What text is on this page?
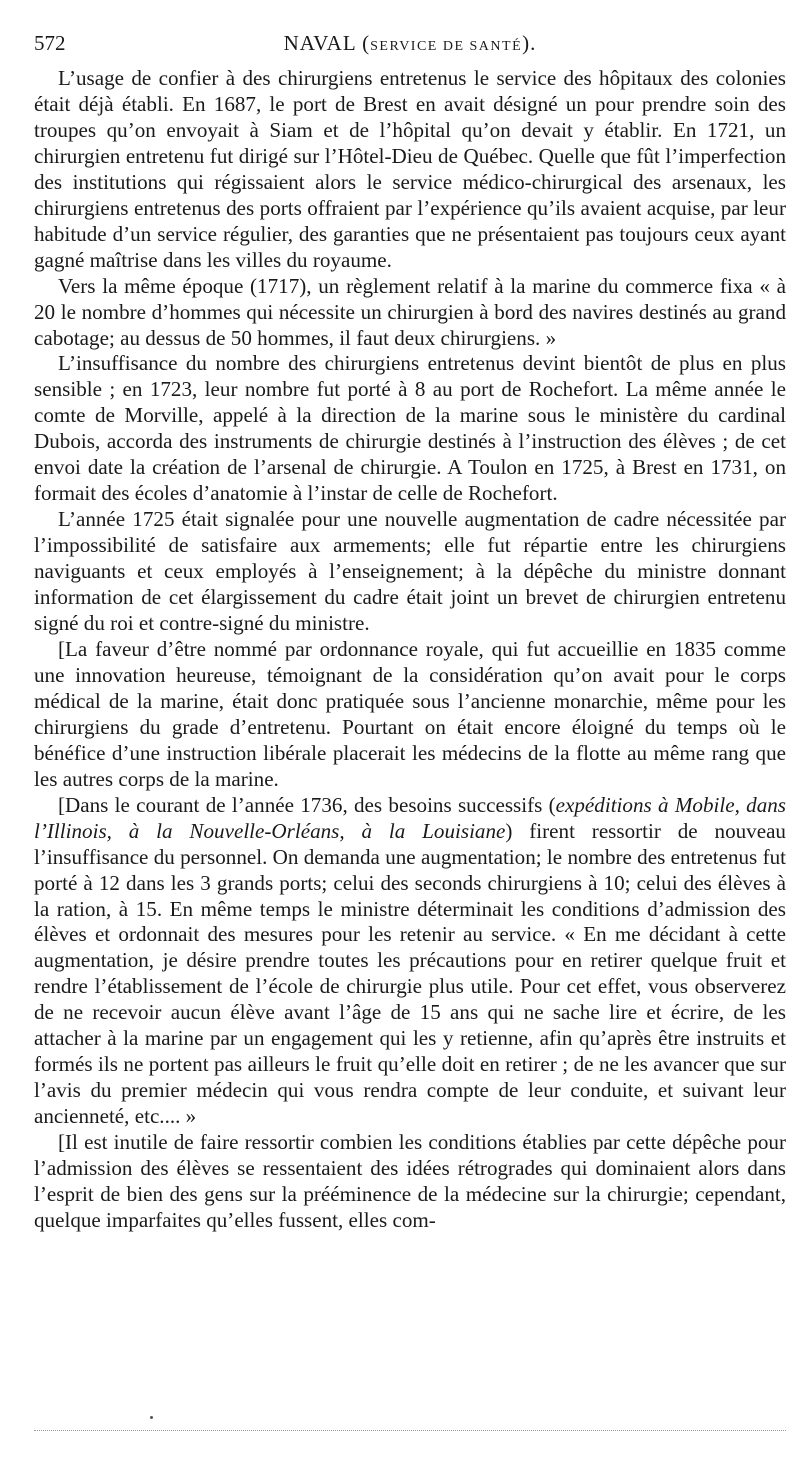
572	NAVAL (SERVICE DE SANTÉ).

L’usage de confier à des chirurgiens entretenus le service des hôpitaux des colonies était déjà établi. En 1687, le port de Brest en avait désigné un pour prendre soin des troupes qu’on envoyait à Siam et de l’hôpital qu’on devait y établir. En 1721, un chirurgien entretenu fut dirigé sur l’Hôtel-Dieu de Québec. Quelle que fût l’imperfection des institutions qui régissaient alors le service médico-chirurgical des arsenaux, les chirurgiens entretenus des ports offraient par l’expérience qu’ils avaient acquise, par leur habitude d’un service régulier, des garanties que ne présentaient pas toujours ceux ayant gagné maîtrise dans les villes du royaume.

Vers la même époque (1717), un règlement relatif à la marine du commerce fixa « à 20 le nombre d’hommes qui nécessite un chirurgien à bord des navires destinés au grand cabotage; au dessus de 50 hommes, il faut deux chirurgiens. »

L’insuffisance du nombre des chirurgiens entretenus devint bientôt de plus en plus sensible ; en 1723, leur nombre fut porté à 8 au port de Rochefort. La même année le comte de Morville, appelé à la direction de la marine sous le ministère du cardinal Dubois, accorda des instruments de chirurgie destinés à l’instruction des élèves ; de cet envoi date la création de l’arsenal de chirurgie. A Toulon en 1725, à Brest en 1731, on formait des écoles d’anatomie à l’instar de celle de Rochefort.

L’année 1725 était signalée pour une nouvelle augmentation de cadre nécessitée par l’impossibilité de satisfaire aux armements; elle fut répartie entre les chirurgiens naviguants et ceux employés à l’enseignement; à la dépêche du ministre donnant information de cet élargissement du cadre était joint un brevet de chirurgien entretenu signé du roi et contre-signé du ministre.

[La faveur d’être nommé par ordonnance royale, qui fut accueillie en 1835 comme une innovation heureuse, témoignant de la considération qu’on avait pour le corps médical de la marine, était donc pratiquée sous l’ancienne monarchie, même pour les chirurgiens du grade d’entretenu. Pourtant on était encore éloigné du temps où le bénéfice d’une instruction libérale placerait les médecins de la flotte au même rang que les autres corps de la marine.

[Dans le courant de l’année 1736, des besoins successifs (expéditions à Mobile, dans l’Illinois, à la Nouvelle-Orléans, à la Louisiane) firent ressortir de nouveau l’insuffisance du personnel. On demanda une augmentation; le nombre des entretenus fut porté à 12 dans les 3 grands ports; celui des seconds chirurgiens à 10; celui des élèves à la ration, à 15. En même temps le ministre déterminait les conditions d’admission des élèves et ordonnait des mesures pour les retenir au service. « En me décidant à cette augmentation, je désire prendre toutes les précautions pour en retirer quelque fruit et rendre l’établissement de l’école de chirurgie plus utile. Pour cet effet, vous observerez de ne recevoir aucun élève avant l’âge de 15 ans qui ne sache lire et écrire, de les attacher à la marine par un engagement qui les y retienne, afin qu’après être instruits et formés ils ne portent pas ailleurs le fruit qu’elle doit en retirer ; de ne les avancer que sur l’avis du premier médecin qui vous rendra compte de leur conduite, et suivant leur ancienneté, etc.... »

[Il est inutile de faire ressortir combien les conditions établies par cette dépêche pour l’admission des élèves se ressentaient des idées rétrogrades qui dominaient alors dans l’esprit de bien des gens sur la prééminence de la médecine sur la chirurgie; cependant, quelque imparfaites qu’elles fussent, elles com-
